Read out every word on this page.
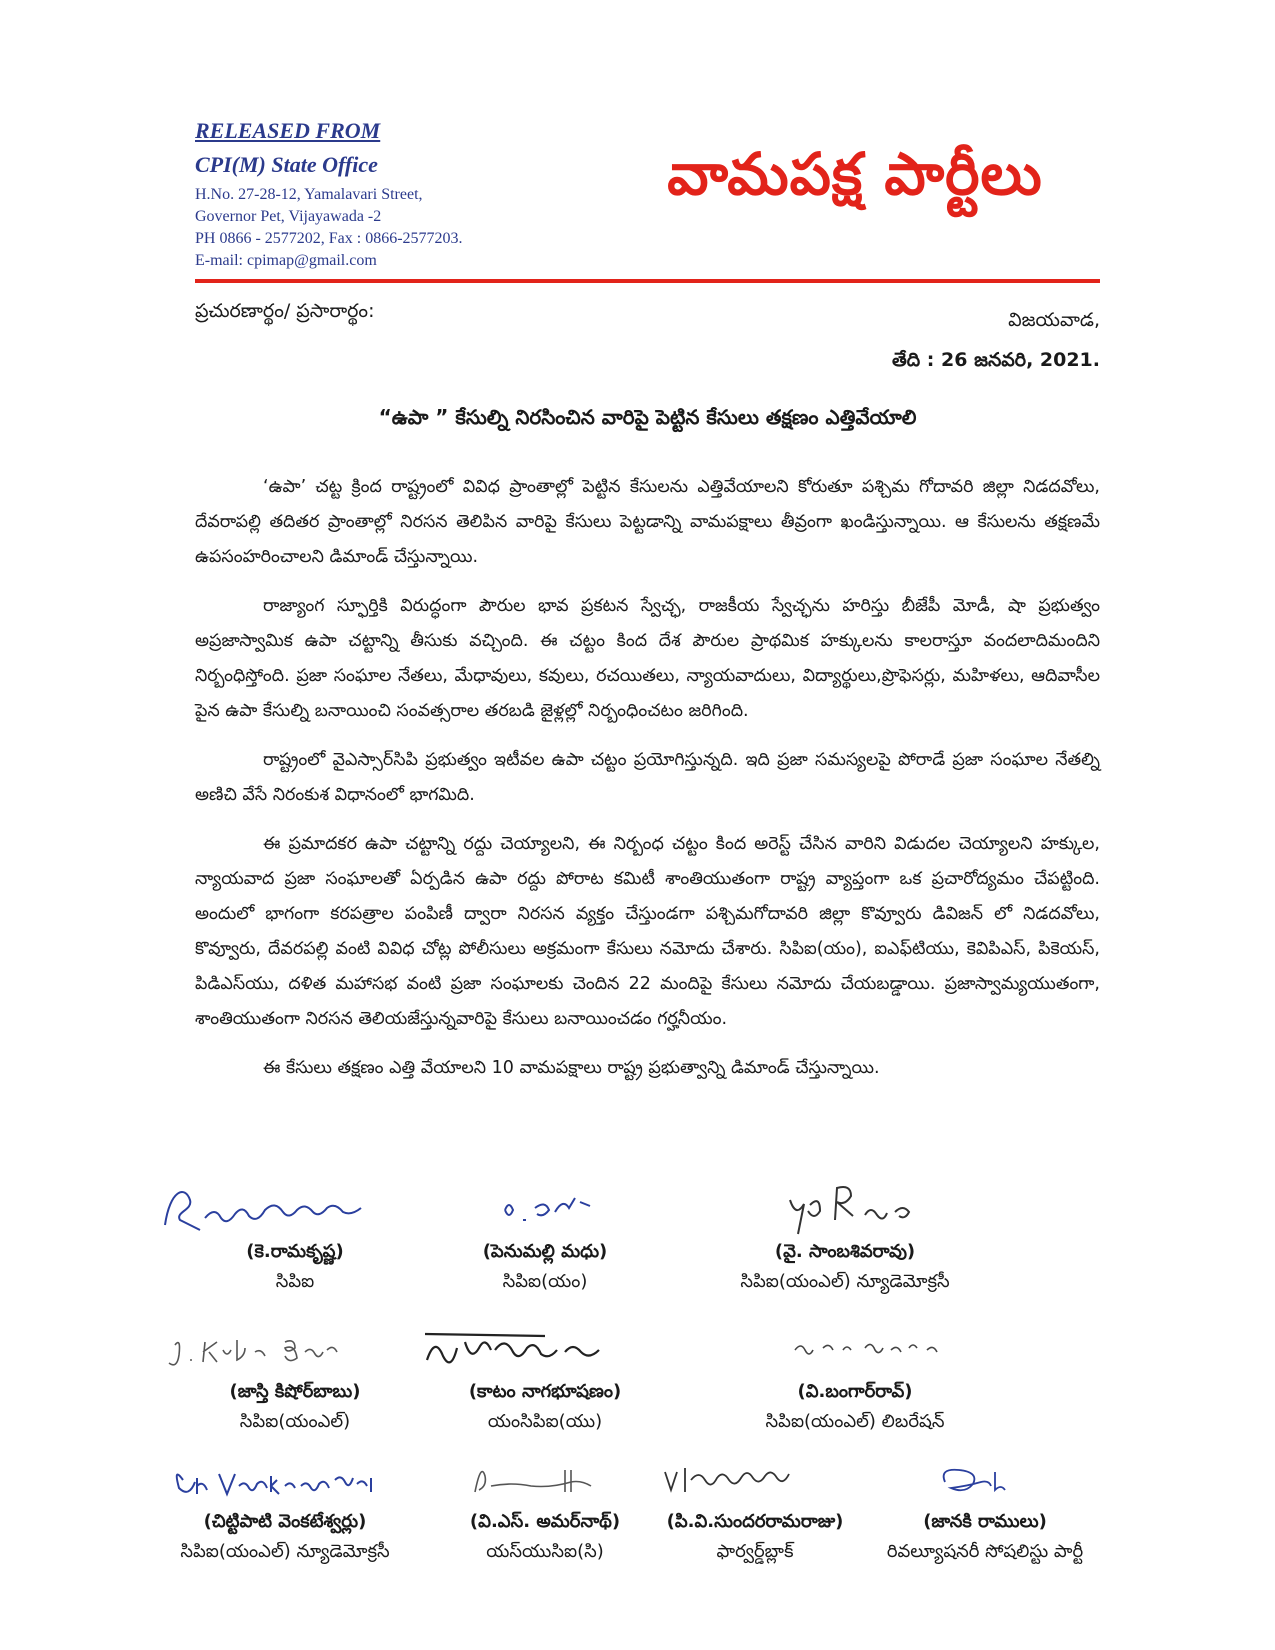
RELEASED FROM
CPI(M) State Office
H.No. 27-28-12, Yamalavari Street,
Governor Pet, Vijayawada -2
PH 0866 - 2577202, Fax : 0866-2577203.
E-mail: cpimap@gmail.com
వామపక్ష పార్టీలు
ప్రచురణార్థం/ ప్రసారార్థం:	విజయవాడ,
తేది : 26 జనవరి, 2021.
“ఉపా ” కేసుల్ని నిరసించిన వారిపై పెట్టిన కేసులు తక్షణం ఎత్తివేయాలి

‘ఉపా’ చట్ట క్రింద రాష్ట్రంలో వివిధ ప్రాంతాల్లో పెట్టిన కేసులను ఎత్తివేయాలని కోరుతూ పశ్చిమ గోదావరి జిల్లా నిడదవోలు, దేవరాపల్లి తదితర ప్రాంతాల్లో నిరసన తెలిపిన వారిపై కేసులు పెట్టడాన్ని వామపక్షాలు తీవ్రంగా ఖండిస్తున్నాయి. ఆ కేసులను తక్షణమే ఉపసంహరించాలని డిమాండ్ చేస్తున్నాయి.

రాజ్యాంగ స్ఫూర్తికి విరుద్ధంగా పౌరుల భావ ప్రకటన స్వేచ్ఛ, రాజకీయ స్వేచ్ఛను హరిస్తు బీజేపీ మోడీ, షా ప్రభుత్వం అప్రజాస్వామిక ఉపా చట్టాన్ని తీసుకు వచ్చింది. ఈ చట్టం కింద దేశ పౌరుల ప్రాథమిక హక్కులను కాలరాస్తూ వందలాదిమందిని నిర్బంధిస్తోంది. ప్రజా సంఘాల నేతలు, మేధావులు, కవులు, రచయితలు, న్యాయవాదులు, విద్యార్థులు,ప్రొఫెసర్లు, మహిళలు, ఆదివాసీల పైన ఉపా కేసుల్ని బనాయించి సంవత్సరాల తరబడి జైళ్లల్లో నిర్బంధించటం జరిగింది.

రాష్ట్రంలో వైఎస్సార్‌సిపి ప్రభుత్వం ఇటీవల ఉపా చట్టం ప్రయోగిస్తున్నది. ఇది ప్రజా సమస్యలపై పోరాడే ప్రజా సంఘాల నేతల్ని అణిచి వేసే నిరంకుశ విధానంలో భాగమిది.

ఈ ప్రమాదకర ఉపా చట్టాన్ని రద్దు చెయ్యాలని, ఈ నిర్బంధ చట్టం కింద అరెస్ట్ చేసిన వారిని విడుదల చెయ్యాలని హక్కుల, న్యాయవాద ప్రజా సంఘాలతో ఏర్పడిన ఉపా రద్దు పోరాట కమిటీ శాంతియుతంగా రాష్ట్ర వ్యాప్తంగా ఒక ప్రచారోద్యమం చేపట్టింది. అందులో భాగంగా కరపత్రాల పంపిణీ ద్వారా నిరసన వ్యక్తం చేస్తుండగా పశ్చిమగోదావరి జిల్లా కొవ్వూరు డివిజన్ లో నిడదవోలు, కొవ్వూరు, దేవరపల్లి వంటి వివిధ చోట్ల పోలీసులు అక్రమంగా కేసులు నమోదు చేశారు. సిపిఐ(యం), ఐఎఫ్‌టియు, కెవిపిఎస్, పికెయస్, పిడిఎస్‌యు, దళిత మహాసభ వంటి ప్రజా సంఘాలకు చెందిన 22 మందిపై కేసులు నమోదు చేయబడ్డాయి. ప్రజాస్వామ్యయుతంగా, శాంతియుతంగా నిరసన తెలియజేస్తున్నవారిపై కేసులు బనాయించడం గర్హనీయం.

ఈ కేసులు తక్షణం ఎత్తి వేయాలని 10 వామపక్షాలు రాష్ట్ర ప్రభుత్వాన్ని డిమాండ్ చేస్తున్నాయి.

(కె.రామకృష్ణ)
సిపిఐ
(పెనుమల్లి మధు)
సిపిఐ(యం)
(వై. సాంబశివరావు)
సిపిఐ(యంఎల్) న్యూడెమోక్రసీ
(జాస్తి కిషోర్‌బాబు)
సిపిఐ(యంఎల్)
(కాటం నాగభూషణం)
యంసిపిఐ(యు)
(వి.బంగార్‌రావ్)
సిపిఐ(యంఎల్) లిబరేషన్
(చిట్టిపాటి వెంకటేశ్వర్లు)
సిపిఐ(యంఎల్) న్యూడెమోక్రసీ
(వి.ఎస్. అమర్‌నాథ్)
యస్‌యుసిఐ(సి)
(పి.వి.సుందరరామరాజు)
ఫార్వర్డ్‌బ్లాక్
(జానకి రాములు)
రివల్యూషనరీ సోషలిస్టు పార్టీ
